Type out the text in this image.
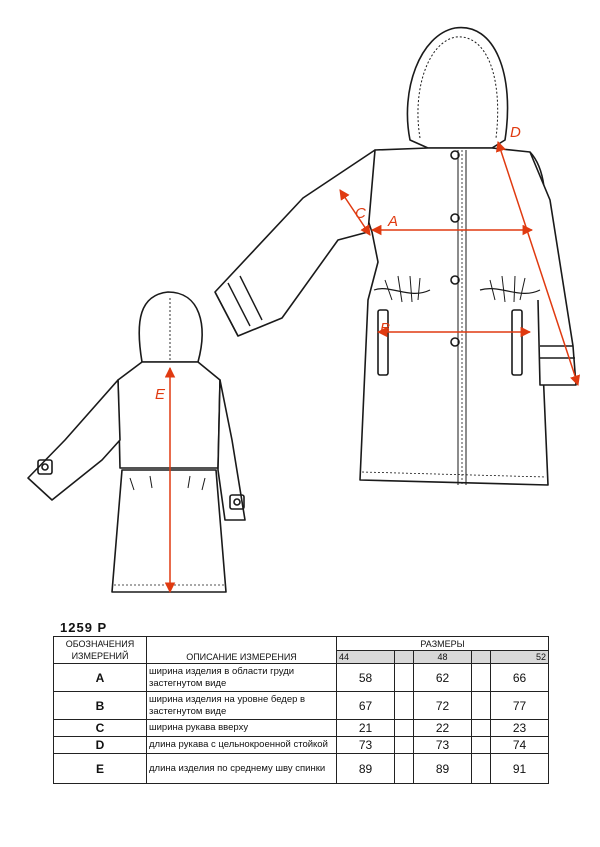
A
B
C
D
E
1259 Р
ОБОЗНАЧЕНИЯ ИЗМЕРЕНИЙ	ОПИСАНИЕ ИЗМЕРЕНИЯ	РАЗМЕРЫ				
		44		48		52
A	ширина изделия в области груди застегнутом виде	58		62		66
B	ширина изделия на уровне бедер в застегнутом виде	67		72		77
C	ширина рукава вверху	21		22		23
D	длина рукава с цельнокроенной стойкой	73		73		74
E	длина изделия по среднему шву спинки	89		89		91
